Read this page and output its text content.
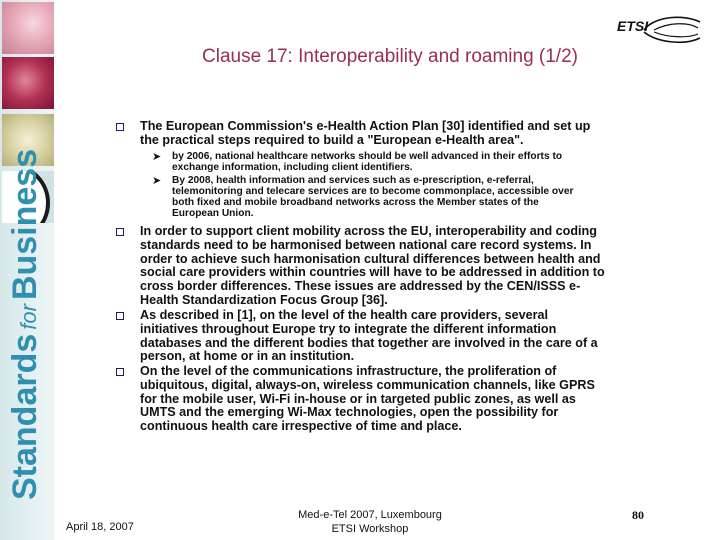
StandardsforBusiness
ETSI
Clause 17: Interoperability and roaming (1/2)
The European Commission's e-Health Action Plan [30] identified and set up
the practical steps required to build a "European e-Health area".
➤ by 2006, national healthcare networks should be well advanced in their efforts to
exchange information, including client identifiers.
➤ By 2008, health information and services such as e-prescription, e-referral,
telemonitoring and telecare services are to become commonplace, accessible over
both fixed and mobile broadband networks across the Member states of the
European Union.
In order to support client mobility across the EU, interoperability and coding
standards need to be harmonised between national care record systems. In
order to achieve such harmonisation cultural differences between health and
social care providers within countries will have to be addressed in addition to
cross border differences. These issues are addressed by the CEN/ISSS e-
Health Standardization Focus Group [36].
As described in [1], on the level of the health care providers, several
initiatives throughout Europe try to integrate the different information
databases and the different bodies that together are involved in the care of a
person, at home or in an institution.
On the level of the communications infrastructure, the proliferation of
ubiquitous, digital, always-on, wireless communication channels, like GPRS
for the mobile user, Wi-Fi in-house or in targeted public zones, as well as
UMTS and the emerging Wi-Max technologies, open the possibility for
continuous health care irrespective of time and place.
April 18, 2007
Med-e-Tel 2007, Luxembourg
ETSI Workshop
80
